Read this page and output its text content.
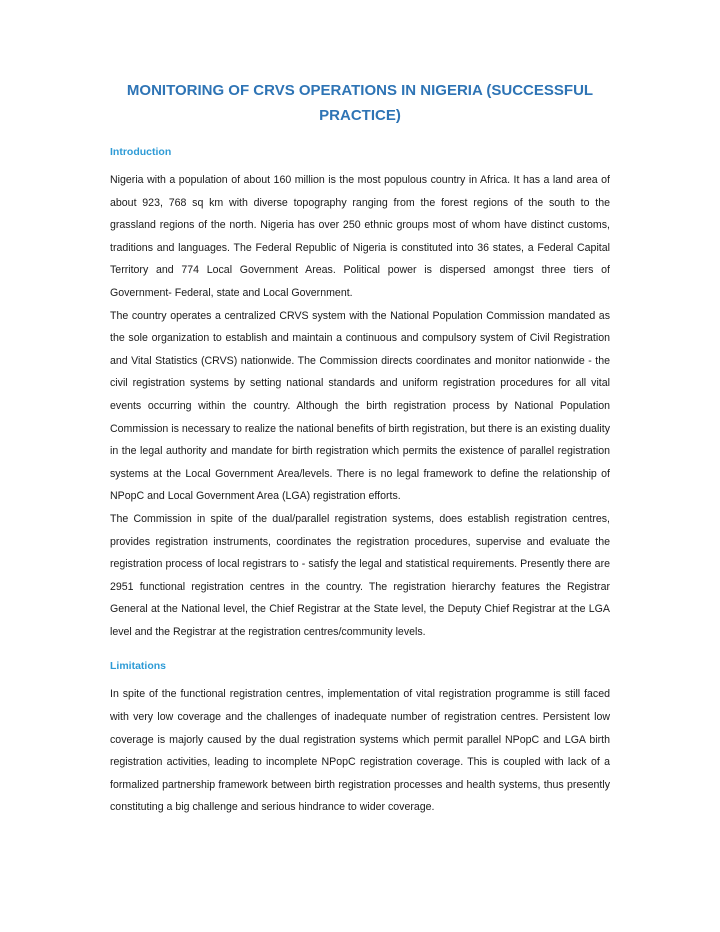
MONITORING OF CRVS OPERATIONS IN NIGERIA (SUCCESSFUL PRACTICE)
Introduction

Nigeria with a population of about 160 million is the most populous country in Africa. It has a land area of about 923, 768 sq km with diverse topography ranging from the forest regions of the south to the grassland regions of the north. Nigeria has over 250 ethnic groups most of whom have distinct customs, traditions and languages. The Federal Republic of Nigeria is constituted into 36 states, a Federal Capital Territory and 774 Local Government Areas. Political power is dispersed amongst three tiers of Government- Federal, state and Local Government.

The country operates a centralized CRVS system with the National Population Commission mandated as the sole organization to establish and maintain a continuous and compulsory system of Civil Registration and Vital Statistics (CRVS) nationwide. The Commission directs coordinates and monitor nationwide - the civil registration systems by setting national standards and uniform registration procedures for all vital events occurring within the country. Although the birth registration process by National Population Commission is necessary to realize the national benefits of birth registration, but there is an existing duality in the legal authority and mandate for birth registration which permits the existence of parallel registration systems at the Local Government Area/levels. There is no legal framework to define the relationship of NPopC and Local Government Area (LGA) registration efforts.

The Commission in spite of the dual/parallel registration systems, does establish registration centres, provides registration instruments, coordinates the registration procedures, supervise and evaluate the registration process of local registrars to - satisfy the legal and statistical requirements. Presently there are 2951 functional registration centres in the country. The registration hierarchy features the Registrar General at the National level, the Chief Registrar at the State level, the Deputy Chief Registrar at the LGA level and the Registrar at the registration centres/community levels.

Limitations

In spite of the functional registration centres, implementation of vital registration programme is still faced with very low coverage and the challenges of inadequate number of registration centres. Persistent low coverage is majorly caused by the dual registration systems which permit parallel NPopC and LGA birth registration activities, leading to incomplete NPopC registration coverage. This is coupled with lack of a formalized partnership framework between birth registration processes and health systems, thus presently constituting a big challenge and serious hindrance to wider coverage.
